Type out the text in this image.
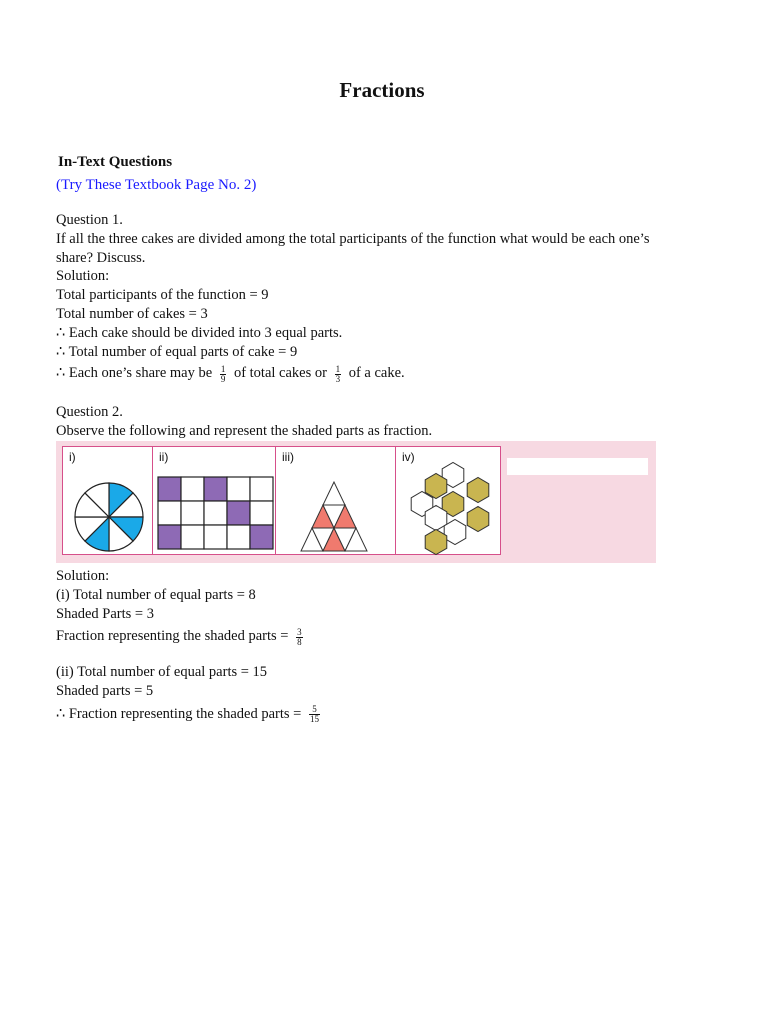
Fractions
In-Text Questions
(Try These Textbook Page No. 2)
Question 1.
If all the three cakes are divided among the total participants of the function what would be each one’s
share? Discuss.
Solution:
Total participants of the function = 9
Total number of cakes = 3
∴ Each cake should be divided into 3 equal parts.
∴ Total number of equal parts of cake = 9
∴ Each one’s share may be $\frac{1}{9}$ of total cakes or $\frac{1}{3}$ of a cake.
Question 2.
Observe the following and represent the shaded parts as fraction.
i)	ii)	iii)	iv)
Solution:
(i) Total number of equal parts = 8
Shaded Parts = 3
Fraction representing the shaded parts = $\frac{3}{8}$
(ii) Total number of equal parts = 15
Shaded parts = 5
∴ Fraction representing the shaded parts = $\frac{5}{15}$
